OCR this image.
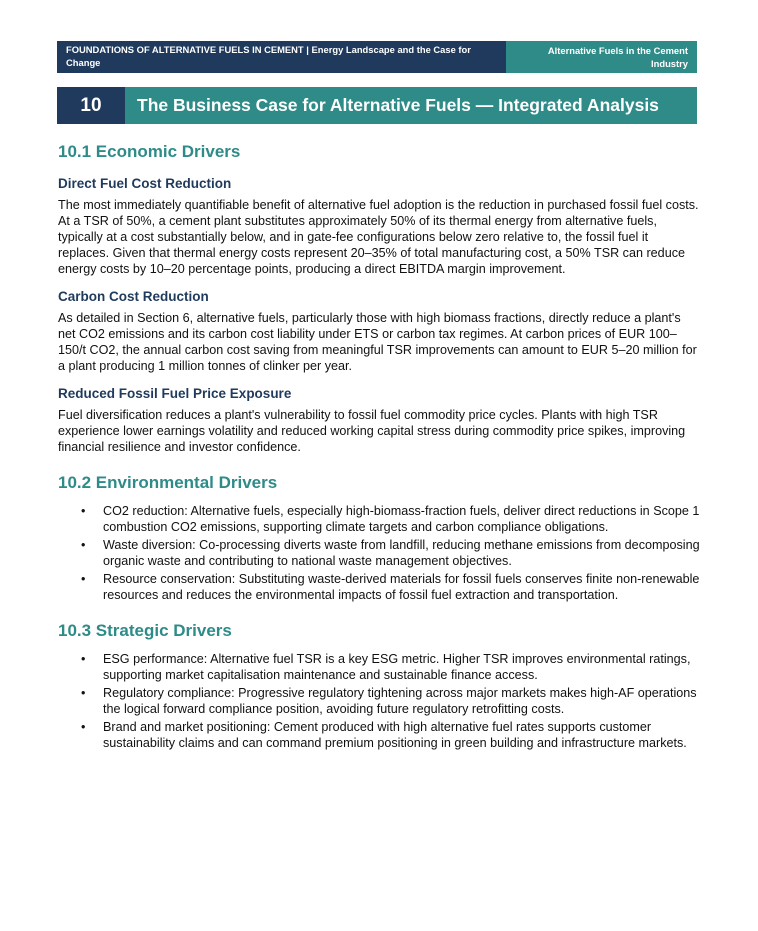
FOUNDATIONS OF ALTERNATIVE FUELS IN CEMENT | Energy Landscape and the Case for Change
Alternative Fuels in the Cement Industry
10	The Business Case for Alternative Fuels — Integrated Analysis
10.1 Economic Drivers
Direct Fuel Cost Reduction

The most immediately quantifiable benefit of alternative fuel adoption is the reduction in purchased fossil fuel costs. At a TSR of 50%, a cement plant substitutes approximately 50% of its thermal energy from alternative fuels, typically at a cost substantially below, and in gate-fee configurations below zero relative to, the fossil fuel it replaces. Given that thermal energy costs represent 20–35% of total manufacturing cost, a 50% TSR can reduce energy costs by 10–20 percentage points, producing a direct EBITDA margin improvement.

Carbon Cost Reduction

As detailed in Section 6, alternative fuels, particularly those with high biomass fractions, directly reduce a plant's net CO2 emissions and its carbon cost liability under ETS or carbon tax regimes. At carbon prices of EUR 100–150/t CO2, the annual carbon cost saving from meaningful TSR improvements can amount to EUR 5–20 million for a plant producing 1 million tonnes of clinker per year.

Reduced Fossil Fuel Price Exposure

Fuel diversification reduces a plant's vulnerability to fossil fuel commodity price cycles. Plants with high TSR experience lower earnings volatility and reduced working capital stress during commodity price spikes, improving financial resilience and investor confidence.

10.2 Environmental Drivers
• CO2 reduction: Alternative fuels, especially high-biomass-fraction fuels, deliver direct reductions in Scope 1 combustion CO2 emissions, supporting climate targets and carbon compliance obligations.
• Waste diversion: Co-processing diverts waste from landfill, reducing methane emissions from decomposing organic waste and contributing to national waste management objectives.
• Resource conservation: Substituting waste-derived materials for fossil fuels conserves finite non-renewable resources and reduces the environmental impacts of fossil fuel extraction and transportation.
10.3 Strategic Drivers
• ESG performance: Alternative fuel TSR is a key ESG metric. Higher TSR improves environmental ratings, supporting market capitalisation maintenance and sustainable finance access.
• Regulatory compliance: Progressive regulatory tightening across major markets makes high-AF operations the logical forward compliance position, avoiding future regulatory retrofitting costs.
• Brand and market positioning: Cement produced with high alternative fuel rates supports customer sustainability claims and can command premium positioning in green building and infrastructure markets.
